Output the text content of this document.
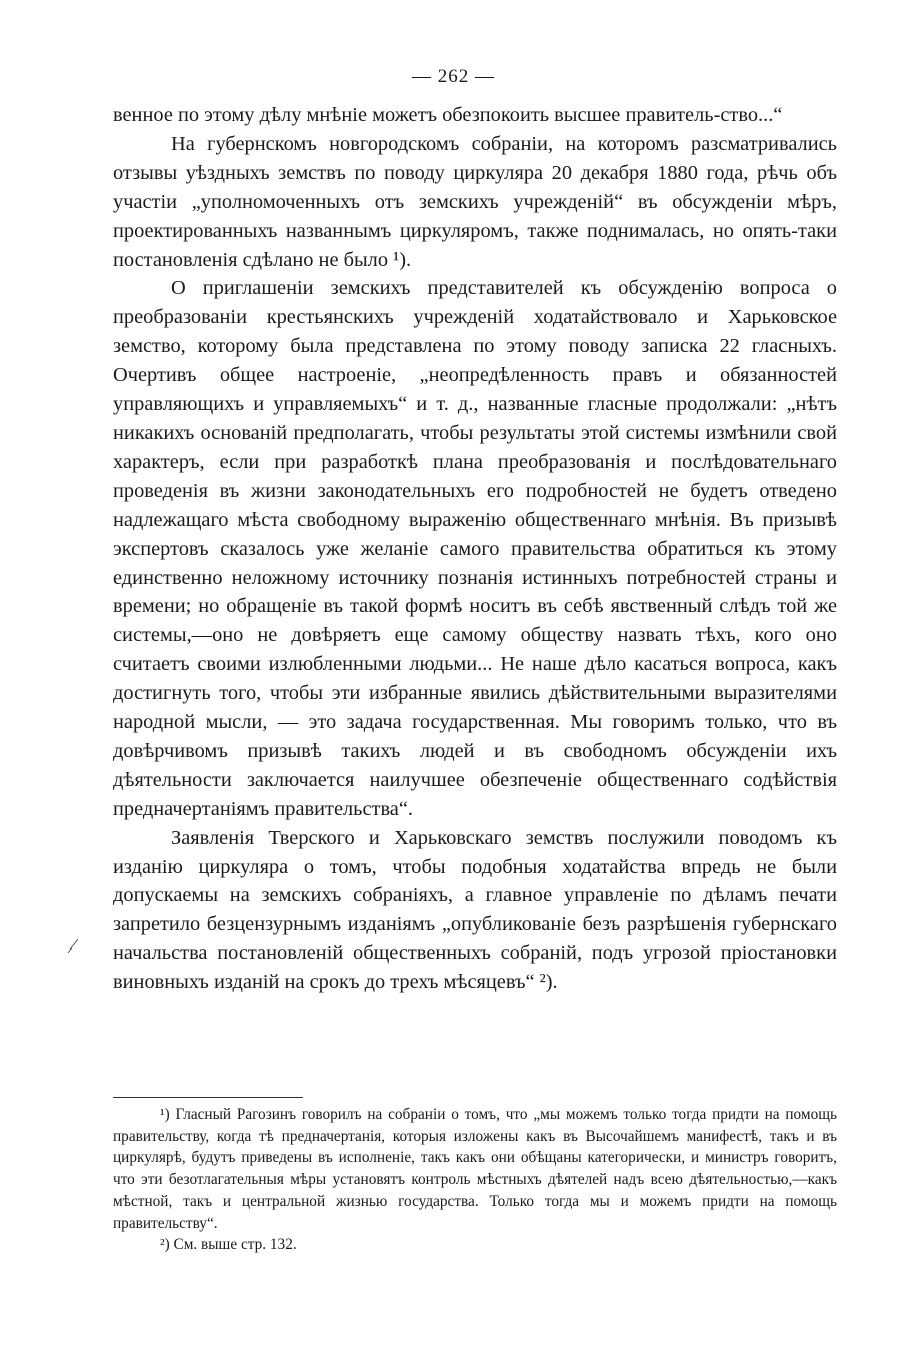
— 262 —

венное по этому дѣлу мнѣніе можетъ обезпокоить высшее правитель-ство...“

На губернскомъ новгородскомъ собраніи, на которомъ разсматривались отзывы уѣздныхъ земствъ по поводу циркуляра 20 декабря 1880 года, рѣчь объ участіи „уполномоченныхъ отъ земскихъ учрежденій“ въ обсужденіи мѣръ, проектированныхъ названнымъ циркуляромъ, также поднималась, но опять-таки постановленія сдѣлано не было ¹).

О приглашеніи земскихъ представителей къ обсужденію вопроса о преобразованіи крестьянскихъ учрежденій ходатайствовало и Харьковское земство, которому была представлена по этому поводу записка 22 гласныхъ. Очертивъ общее настроеніе, „неопредѣленность правъ и обязанностей управляющихъ и управляемыхъ“ и т. д., названные гласные продолжали: „нѣтъ никакихъ основаній предполагать, чтобы результаты этой системы измѣнили свой характеръ, если при разработкѣ плана преобразованія и послѣдовательнаго проведенія въ жизни законодательныхъ его подробностей не будетъ отведено надлежащаго мѣста свободному выраженію общественнаго мнѣнія. Въ призывѣ экспертовъ сказалось уже желаніе самого правительства обратиться къ этому единственно неложному источнику познанія истинныхъ потребностей страны и времени; но обращеніе въ такой формѣ носитъ въ себѣ явственный слѣдъ той же системы,—оно не довѣряетъ еще самому обществу назвать тѣхъ, кого оно считаетъ своими излюбленными людьми... Не наше дѣло касаться вопроса, какъ достигнуть того, чтобы эти избранные явились дѣйствительными выразителями народной мысли, — это задача государственная. Мы говоримъ только, что въ довѣрчивомъ призывѣ такихъ людей и въ свободномъ обсужденіи ихъ дѣятельности заключается наилучшее обезпеченіе общественнаго содѣйствія предначертаніямъ правительства“.

Заявленія Тверского и Харьковскаго земствъ послужили поводомъ къ изданію циркуляра о томъ, чтобы подобныя ходатайства впредь не были допускаемы на земскихъ собраніяхъ, а главное управленіе по дѣламъ печати запретило безцензурнымъ изданіямъ „опубликованіе безъ разрѣшенія губернскаго начальства постановленій общественныхъ собраній, подъ угрозой пріостановки виновныхъ изданій на срокъ до трехъ мѣсяцевъ“ ²).

¹) Гласный Рагозинъ говорилъ на собраніи о томъ, что „мы можемъ только тогда придти на помощь правительству, когда тѣ предначертанія, которыя изложены какъ въ Высочайшемъ манифестѣ, такъ и въ циркулярѣ, будутъ приведены въ исполненіе, такъ какъ они обѣщаны категорически, и министръ говоритъ, что эти безотлагательныя мѣры установятъ контроль мѣстныхъ дѣятелей надъ всею дѣятельностью,—какъ мѣстной, такъ и центральной жизнью государства. Только тогда мы и можемъ придти на помощь правительству“.

²) См. выше стр. 132.
